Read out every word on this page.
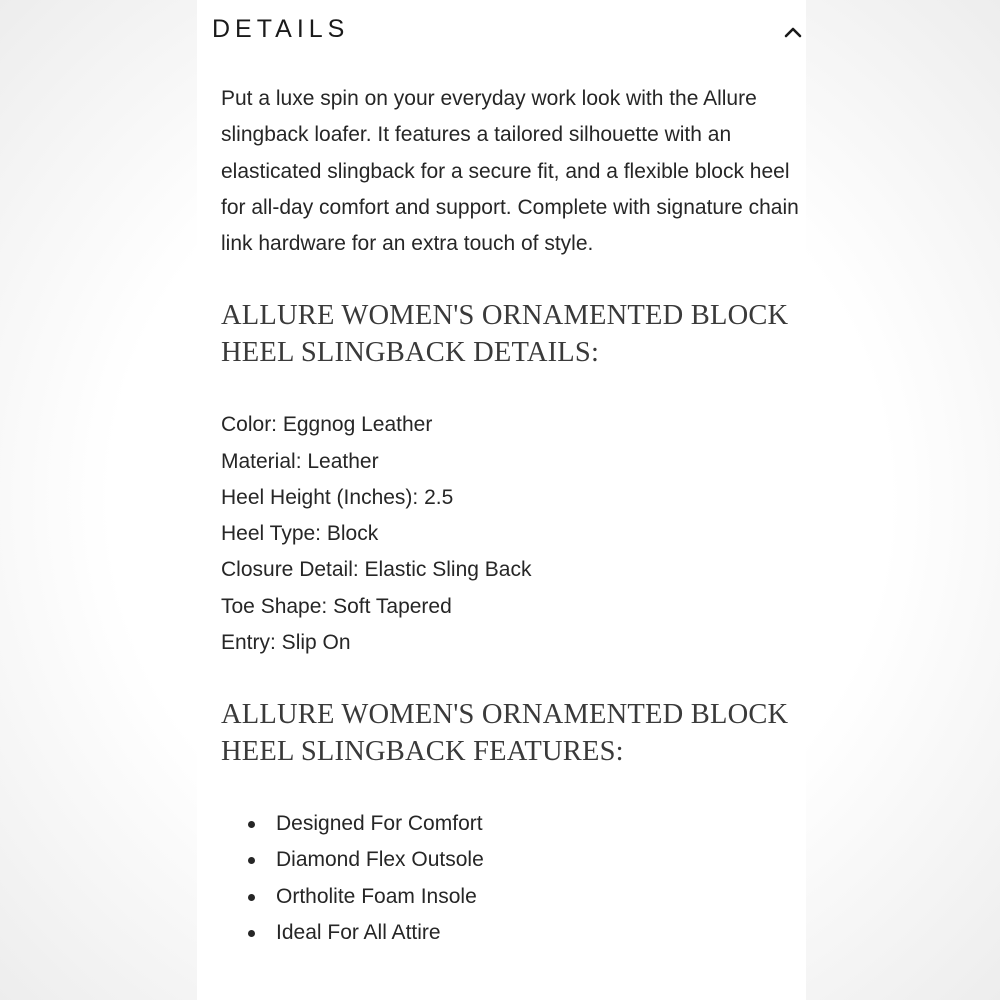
DETAILS

Put a luxe spin on your everyday work look with the Allure slingback loafer. It features a tailored silhouette with an elasticated slingback for a secure fit, and a flexible block heel for all-day comfort and support. Complete with signature chain link hardware for an extra touch of style.

ALLURE WOMEN'S ORNAMENTED BLOCK HEEL SLINGBACK DETAILS:
Color: Eggnog Leather
Material: Leather
Heel Height (Inches): 2.5
Heel Type: Block
Closure Detail: Elastic Sling Back
Toe Shape: Soft Tapered
Entry: Slip On
ALLURE WOMEN'S ORNAMENTED BLOCK HEEL SLINGBACK FEATURES:
Designed For Comfort
Diamond Flex Outsole
Ortholite Foam Insole
Ideal For All Attire
